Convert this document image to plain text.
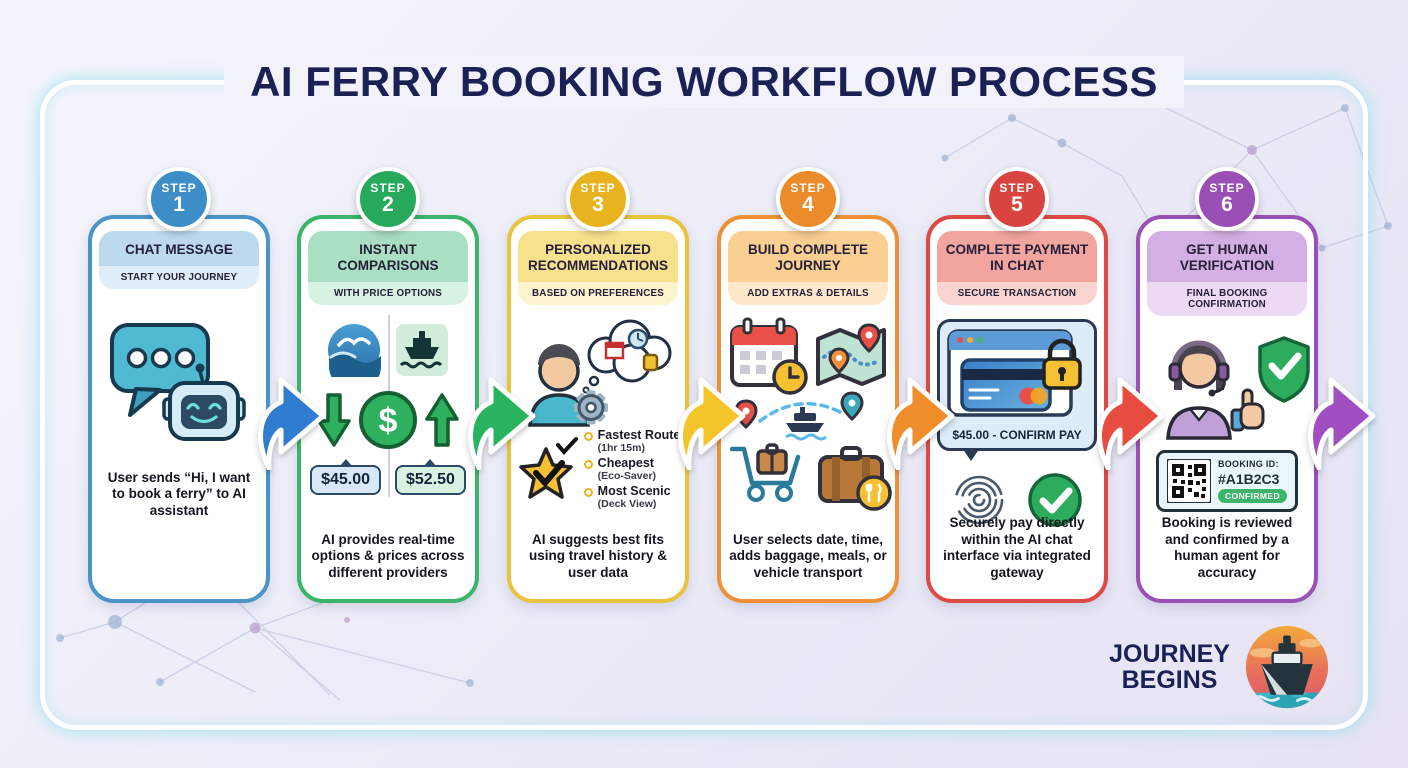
AI FERRY BOOKING WORKFLOW PROCESS
STEP
1
CHAT MESSAGE
START YOUR JOURNEY
User sends “Hi, I want to book a ferry” to AI assistant
STEP
2
INSTANT COMPARISONS
WITH PRICE OPTIONS
$
$45.00	$52.50
AI provides real-time options & prices across different providers
STEP
3
PERSONALIZED RECOMMENDATIONS
BASED ON PREFERENCES
Fastest Route
(1hr 15m)
Cheapest
(Eco-Saver)
Most Scenic
(Deck View)
AI suggests best fits using travel history & user data
STEP
4
BUILD COMPLETE JOURNEY
ADD EXTRAS & DETAILS
User selects date, time, adds baggage, meals, or vehicle transport
STEP
5
COMPLETE PAYMENT IN CHAT
SECURE TRANSACTION
$45.00 - CONFIRM PAY
Securely pay directly within the AI chat interface via integrated gateway
STEP
6
GET HUMAN VERIFICATION
FINAL BOOKING CONFIRMATION
BOOKING ID:
#A1B2C3
CONFIRMED
Booking is reviewed and confirmed by a human agent for accuracy
JOURNEY
BEGINS
